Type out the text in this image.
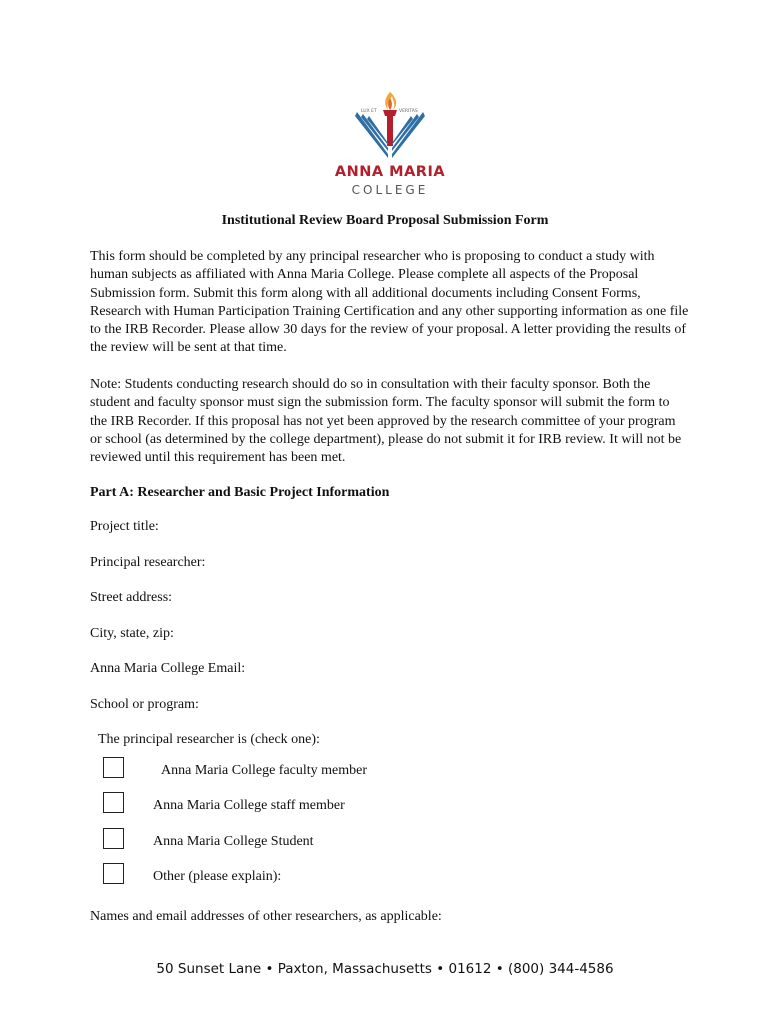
LUX ET	VERITAS
ANNA MARIA
COLLEGE
Institutional Review Board Proposal Submission Form

This form should be completed by any principal researcher who is proposing to conduct a study with human subjects as affiliated with Anna Maria College. Please complete all aspects of the Proposal Submission form. Submit this form along with all additional documents including Consent Forms, Research with Human Participation Training Certification and any other supporting information as one file to the IRB Recorder. Please allow 30 days for the review of your proposal. A letter providing the results of the review will be sent at that time.

Note: Students conducting research should do so in consultation with their faculty sponsor. Both the student and faculty sponsor must sign the submission form. The faculty sponsor will submit the form to the IRB Recorder. If this proposal has not yet been approved by the research committee of your program or school (as determined by the college department), please do not submit it for IRB review. It will not be reviewed until this requirement has been met.

Part A: Researcher and Basic Project Information
Project title:
Principal researcher:
Street address:
City, state, zip:
Anna Maria College Email:
School or program:
The principal researcher is (check one):
Anna Maria College faculty member
Anna Maria College staff member
Anna Maria College Student
Other (please explain):
Names and email addresses of other researchers, as applicable:
50 Sunset Lane • Paxton, Massachusetts • 01612 • (800) 344-4586
